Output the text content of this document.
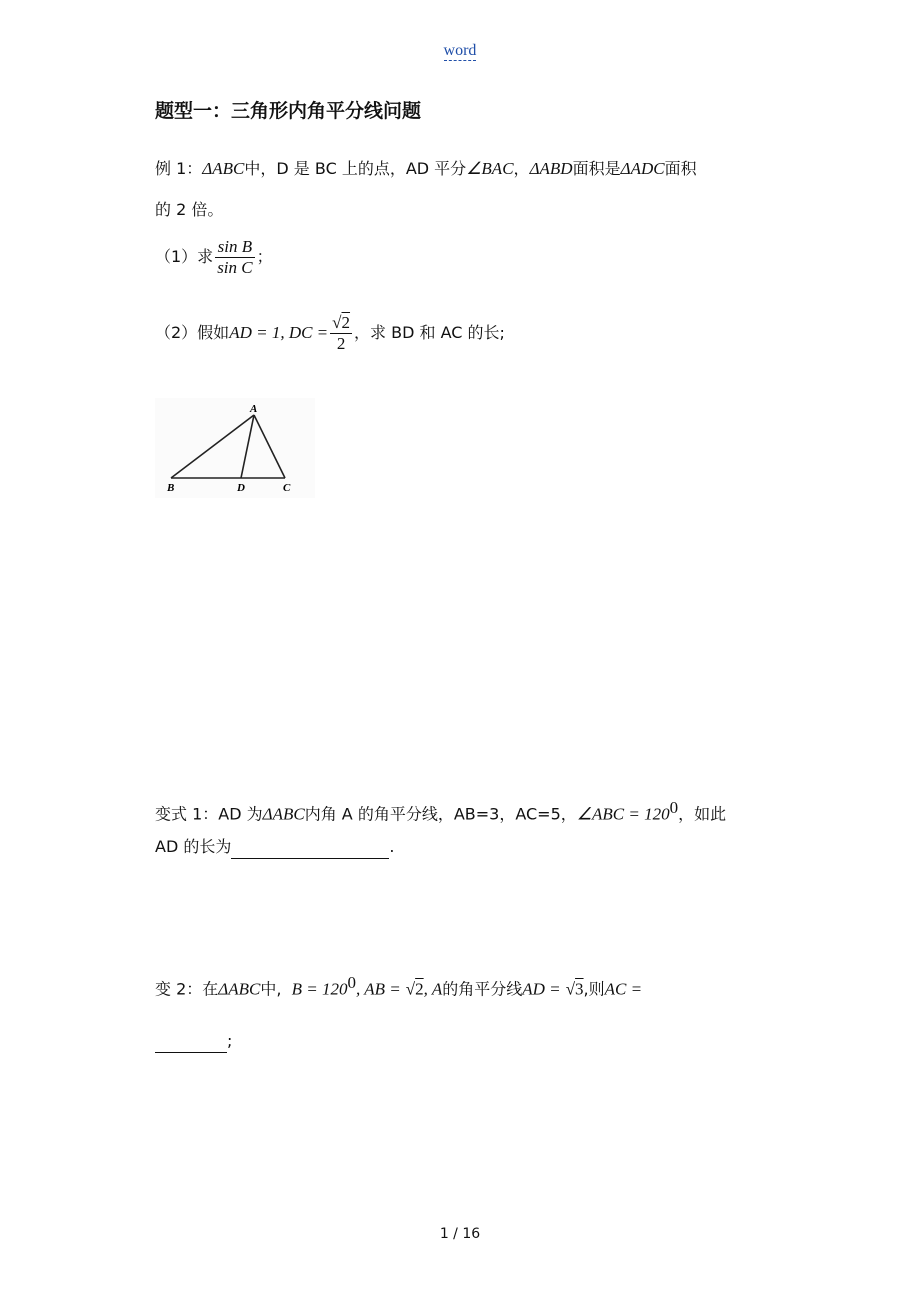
word
题型一：三角形内角平分线问题
例 1：ΔABC中，D 是 BC 上的点，AD 平分∠BAC，ΔABD面积是ΔADC面积
的 2 倍。
（1）求 $\frac{\text{sin B}}{\text{sin C}}$ ；
（2）假如AD = 1, DC = $\frac{√2}{2}$ ，求 BD 和 AC 的长;
A
B	D	C
变式 1：AD 为ΔABC内角 A 的角平分线，AB=3，AC=5，∠ABC = $120^0$，如此
AD 的长为	.
变 2：在ΔABC中, $B = 120^0$, AB = √2, A的角平分线AD = √3,则AC =
;
1 / 16
